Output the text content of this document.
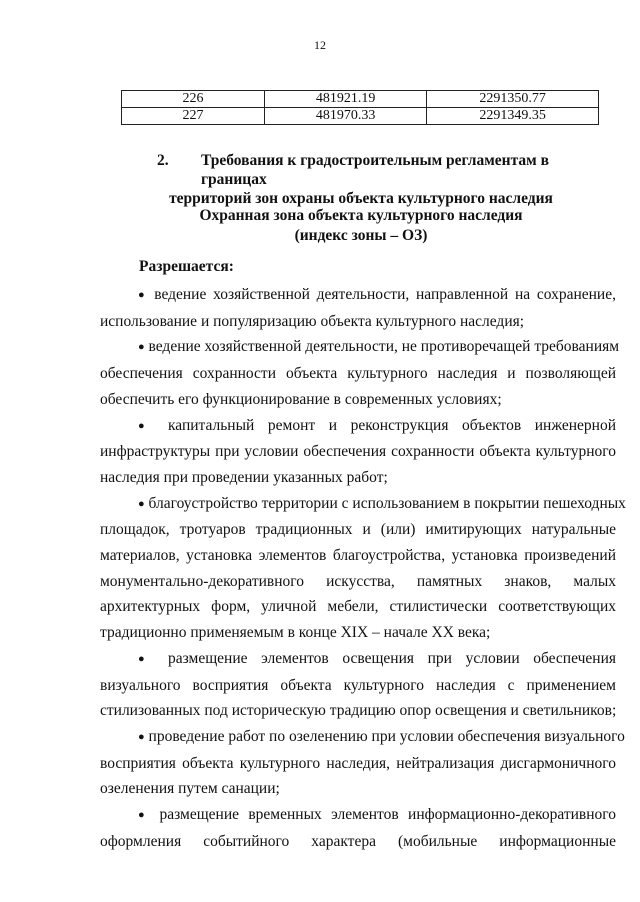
12
226	481921.19	2291350.77
227	481970.33	2291349.35
2.	Требования к градостроительным регламентам в границах
территорий зон охраны объекта культурного наследия
Охранная зона объекта культурного наследия
(индекс зоны – ОЗ)
Разрешается:
● ведение хозяйственной деятельности, направленной на сохранение,
использование и популяризацию объекта культурного наследия;
● ведение хозяйственной деятельности, не противоречащей требованиям
обеспечения сохранности объекта культурного наследия и позволяющей
обеспечить его функционирование в современных условиях;
● капитальный ремонт и реконструкция объектов инженерной
инфраструктуры при условии обеспечения сохранности объекта культурного
наследия при проведении указанных работ;
● благоустройство территории с использованием в покрытии пешеходных
площадок, тротуаров традиционных и (или) имитирующих натуральные
материалов, установка элементов благоустройства, установка произведений
монументально-декоративного искусства, памятных знаков, малых
архитектурных форм, уличной мебели, стилистически соответствующих
традиционно применяемым в конце XIX – начале XX века;
● размещение элементов освещения при условии обеспечения
визуального восприятия объекта культурного наследия с применением
стилизованных под историческую традицию опор освещения и светильников;
● проведение работ по озеленению при условии обеспечения визуального
восприятия объекта культурного наследия, нейтрализация дисгармоничного
озеленения путем санации;
● размещение временных элементов информационно-декоративного
оформления событийного характера (мобильные информационные
